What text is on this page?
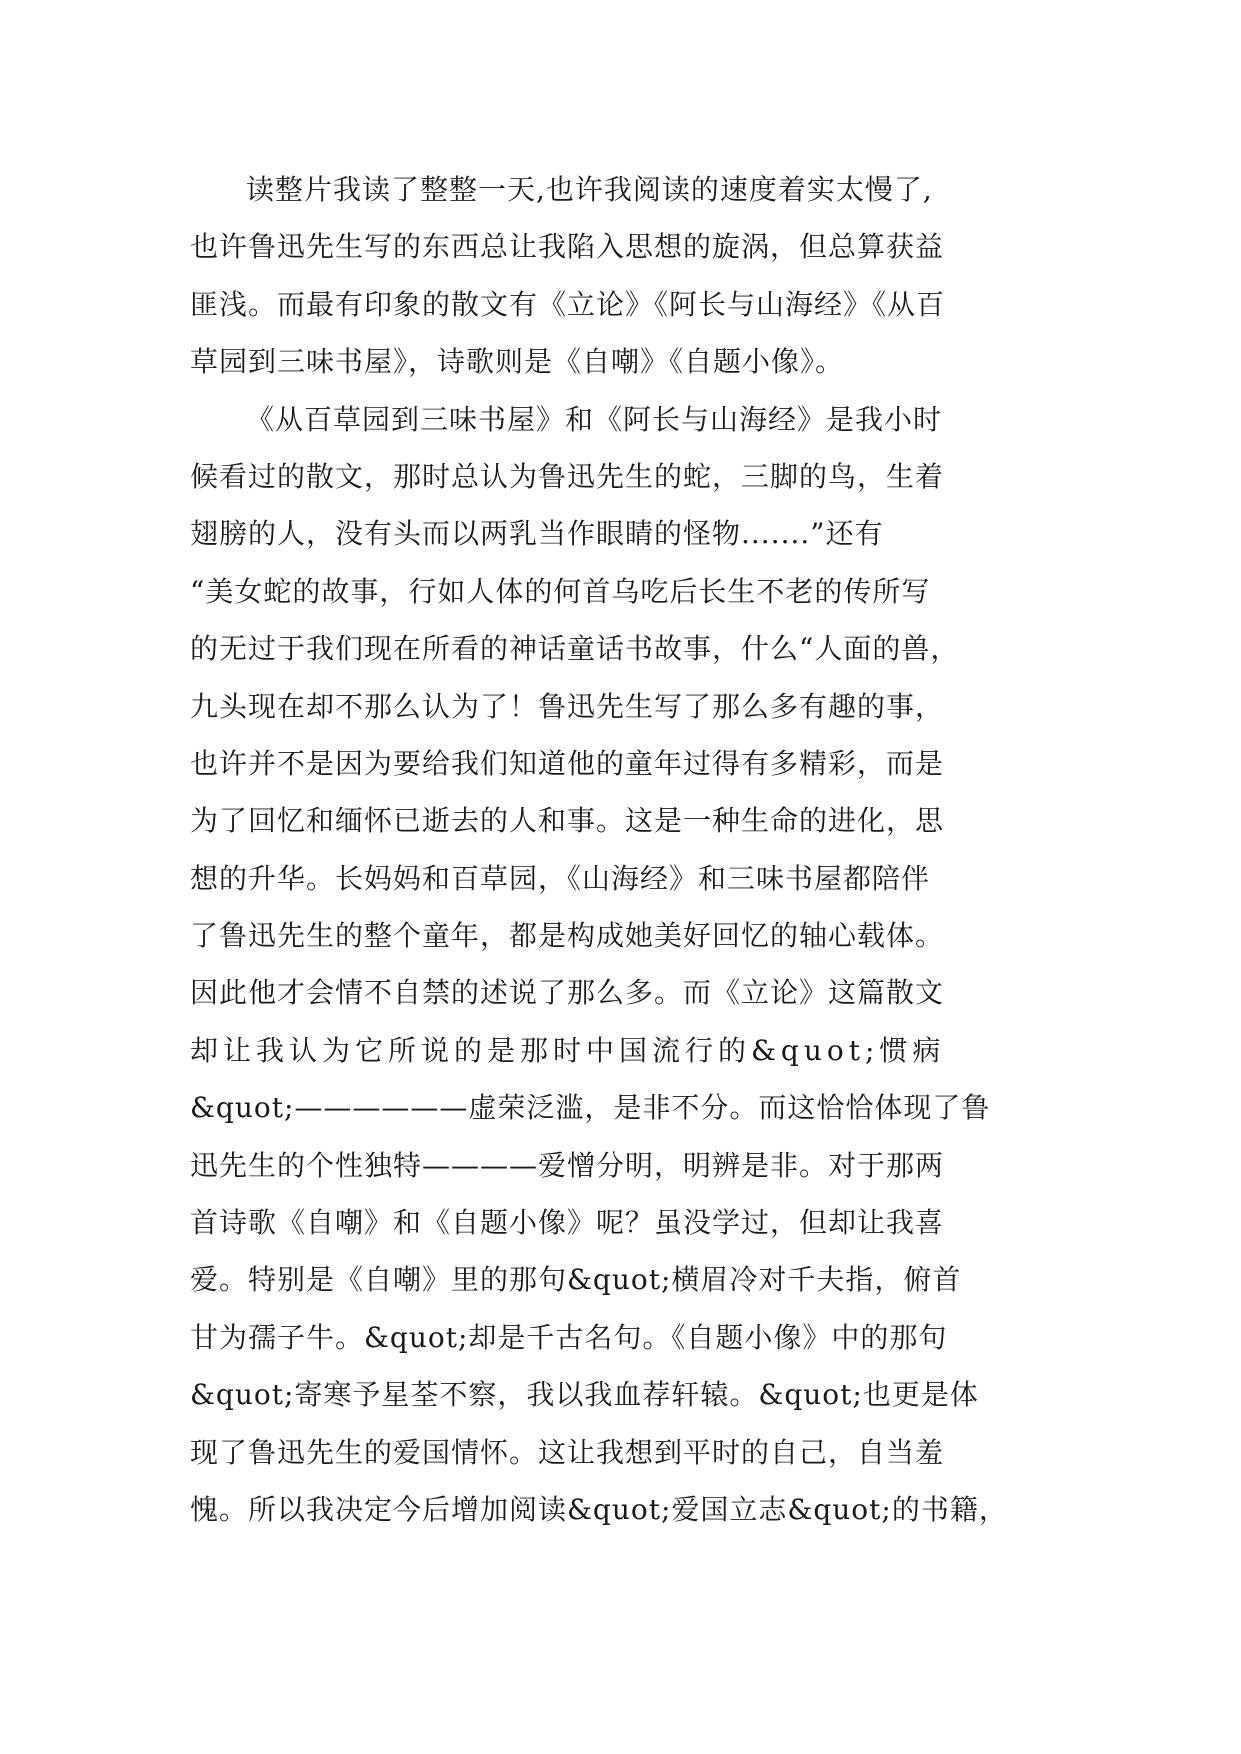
读整片我读了整整一天,也许我阅读的速度着实太慢了,
也许鲁迅先生写的东西总让我陷入思想的旋涡，但总算获益
匪浅。而最有印象的散文有《立论》《阿长与山海经》《从百
草园到三味书屋》，诗歌则是《自嘲》《自题小像》。
《从百草园到三味书屋》和《阿长与山海经》是我小时
候看过的散文，那时总认为鲁迅先生的蛇，三脚的鸟，生着
翅膀的人，没有头而以两乳当作眼睛的怪物.......”还有
“美女蛇的故事，行如人体的何首乌吃后长生不老的传所写
的无过于我们现在所看的神话童话书故事，什么“人面的兽，
九头现在却不那么认为了！鲁迅先生写了那么多有趣的事，
也许并不是因为要给我们知道他的童年过得有多精彩，而是
为了回忆和缅怀已逝去的人和事。这是一种生命的进化，思
想的升华。长妈妈和百草园，《山海经》和三味书屋都陪伴
了鲁迅先生的整个童年，都是构成她美好回忆的轴心载体。
因此他才会情不自禁的述说了那么多。而《立论》这篇散文
却让我认为它所说的是那时中国流行的&quot;惯病
&quot;——————虚荣泛滥，是非不分。而这恰恰体现了鲁
迅先生的个性独特————爱憎分明，明辨是非。对于那两
首诗歌《自嘲》和《自题小像》呢？虽没学过，但却让我喜
爱。特别是《自嘲》里的那句&quot;横眉冷对千夫指，俯首
甘为孺子牛。&quot;却是千古名句。《自题小像》中的那句
&quot;寄寒予星荃不察，我以我血荐轩辕。&quot;也更是体
现了鲁迅先生的爱国情怀。这让我想到平时的自己，自当羞
愧。所以我决定今后增加阅读&quot;爱国立志&quot;的书籍，
